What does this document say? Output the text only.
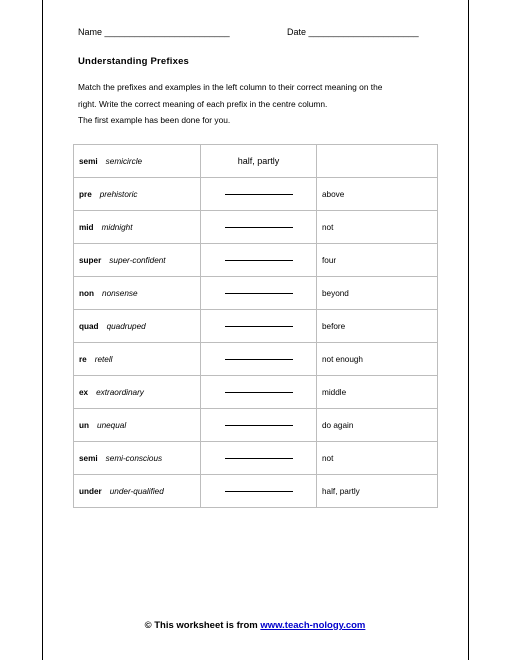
Name _________________________	Date ______________________
Understanding Prefixes
Match the prefixes and examples in the left column to their correct meaning on the
right. Write the correct meaning of each prefix in the centre column.
The first example has been done for you.
semi semicircle	half, partly	
pre prehistoric		above
mid midnight		not
super super-confident		four
non nonsense		beyond
quad quadruped		before
re retell		not enough
ex extraordinary		middle
un unequal		do again
semi semi-conscious		not
under under-qualified		half, partly
© This worksheet is from www.teach-nology.com
